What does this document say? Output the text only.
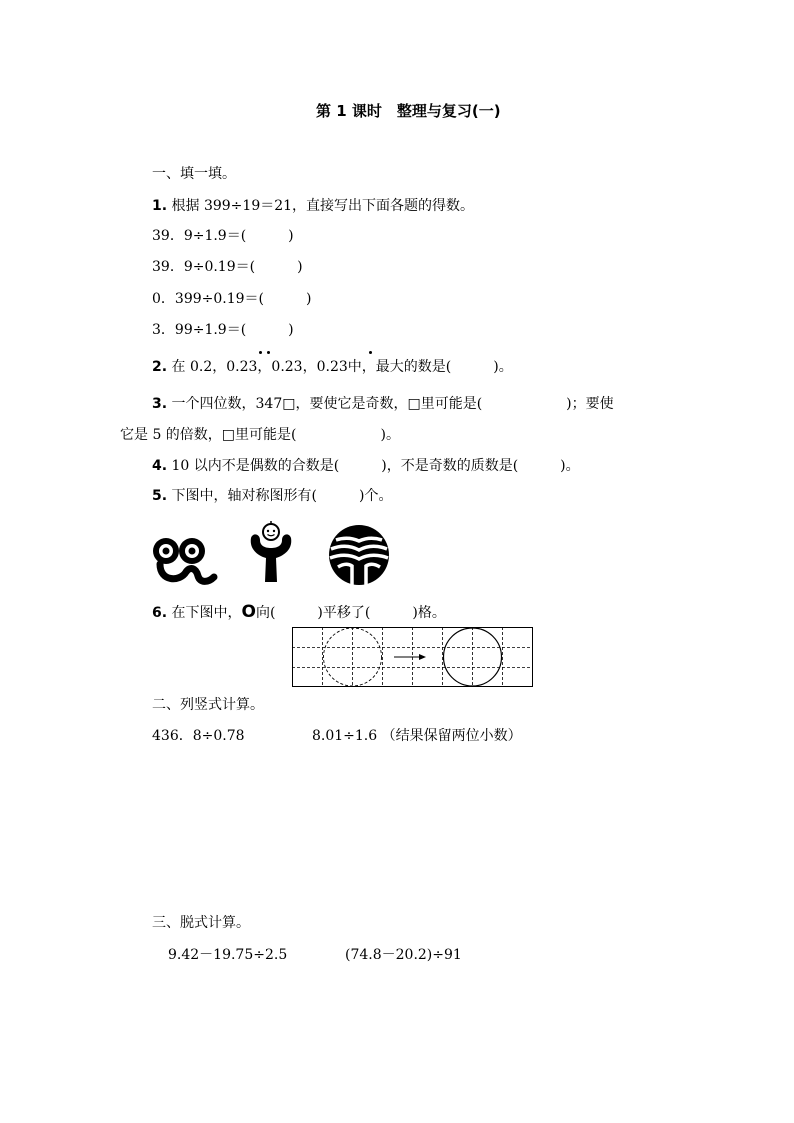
第 1 课时　整理与复习(一)
一、填一填。
1. 根据 399÷19＝21，直接写出下面各题的得数。
39．9÷1.9＝(　　　)
39．9÷0.19＝(　　　)
0．399÷0.19＝(　　　)
3．99÷1.9＝(　　　)
2. 在 0.2，0.23，0.23，0.23中，最大的数是(　　　)。
3. 一个四位数，347□，要使它是奇数，□里可能是(　　　　　　)；要使
它是 5 的倍数，□里可能是(　　　　　　)。
4. 10 以内不是偶数的合数是(　　　)，不是奇数的质数是(　　　)。
5. 下图中，轴对称图形有(　　　)个。
6. 在下图中，O向(　　　)平移了(　　　)格。
二、列竖式计算。
436．8÷0.78	8.01÷1.6 （结果保留两位小数）
三、脱式计算。
9.42－19.75÷2.5	(74.8－20.2)÷91
